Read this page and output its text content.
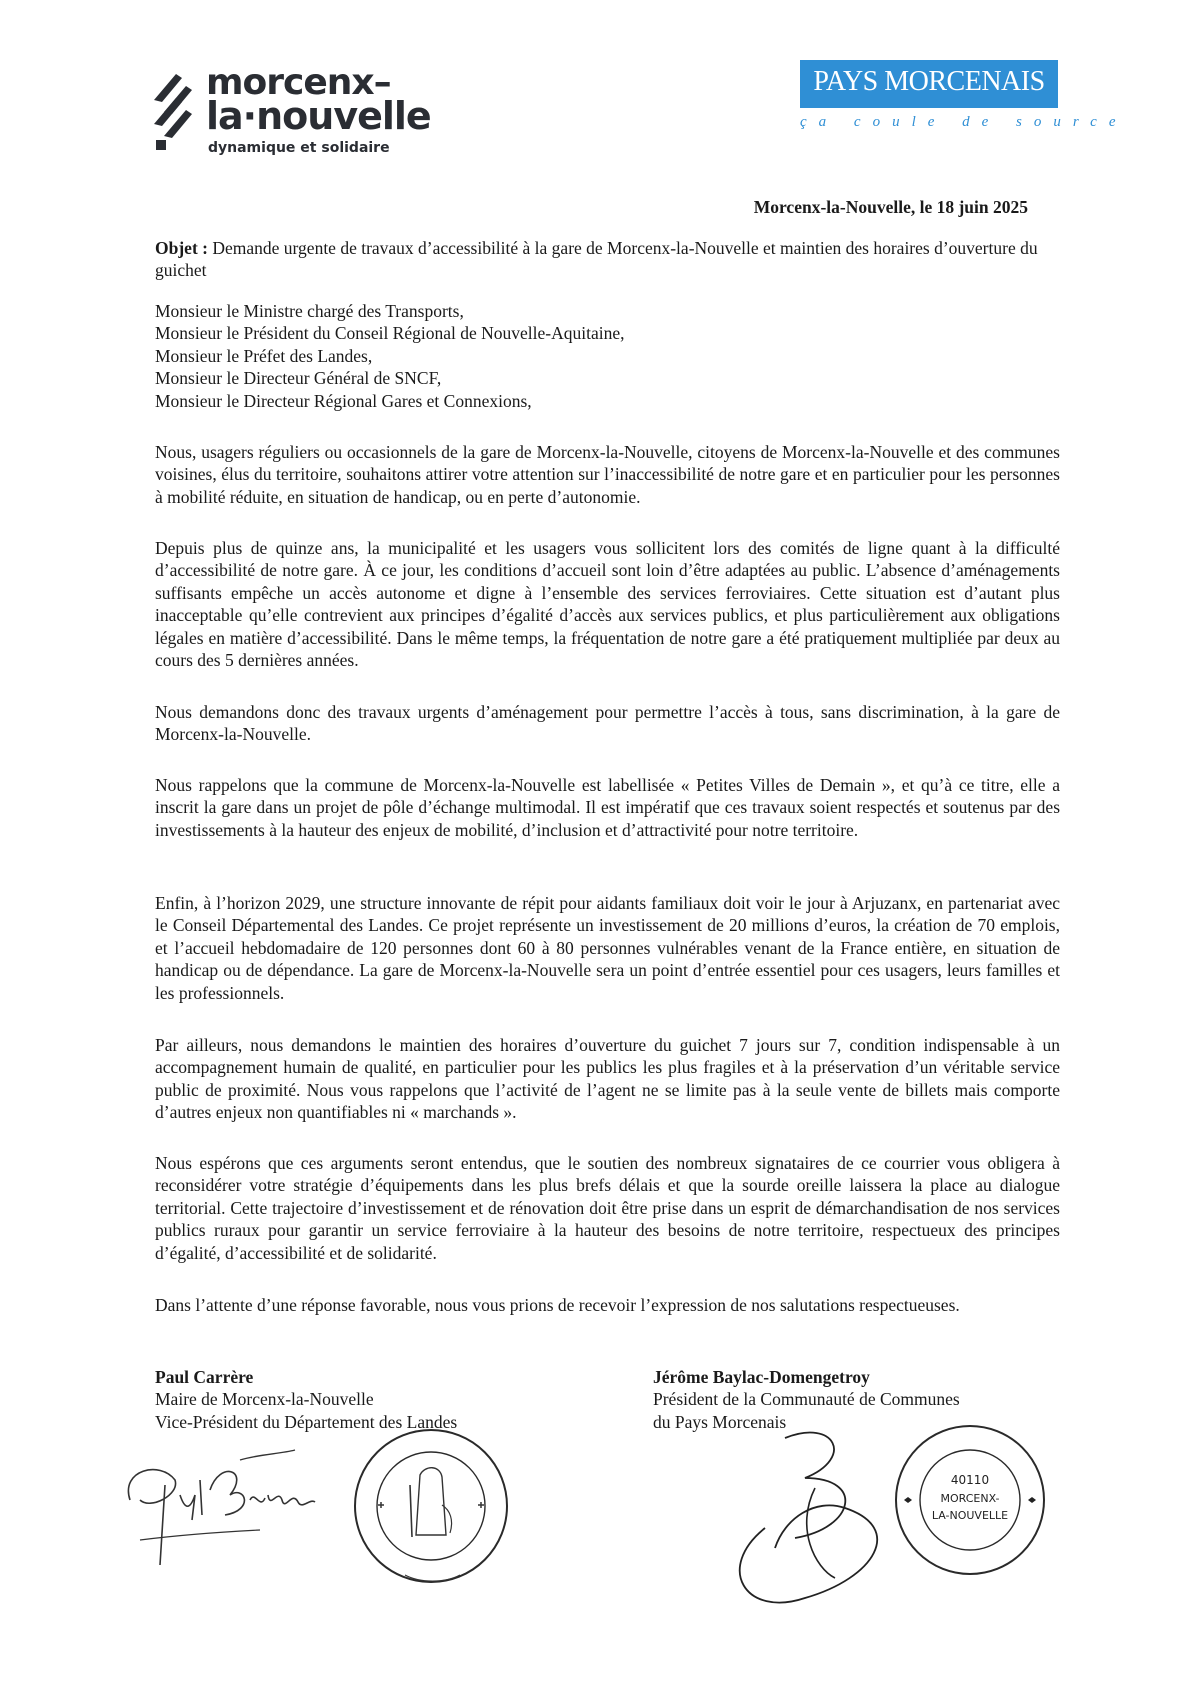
morcenx–
la·nouvelle
dynamique et solidaire
PAYS MORCENAIS
ça coule de source
Morcenx-la-Nouvelle, le 18 juin 2025
Objet : Demande urgente de travaux d’accessibilité à la gare de Morcenx-la-Nouvelle et maintien des horaires d’ouverture du guichet
Monsieur le Ministre chargé des Transports,
Monsieur le Président du Conseil Régional de Nouvelle-Aquitaine,
Monsieur le Préfet des Landes,
Monsieur le Directeur Général de SNCF,
Monsieur le Directeur Régional Gares et Connexions,
Nous, usagers réguliers ou occasionnels de la gare de Morcenx-la-Nouvelle, citoyens de Morcenx-la-Nouvelle et des communes voisines, élus du territoire, souhaitons attirer votre attention sur l’inaccessibilité de notre gare et en particulier pour les personnes à mobilité réduite, en situation de handicap, ou en perte d’autonomie.
Depuis plus de quinze ans, la municipalité et les usagers vous sollicitent lors des comités de ligne quant à la difficulté d’accessibilité de notre gare. À ce jour, les conditions d’accueil sont loin d’être adaptées au public. L’absence d’aménagements suffisants empêche un accès autonome et digne à l’ensemble des services ferroviaires. Cette situation est d’autant plus inacceptable qu’elle contrevient aux principes d’égalité d’accès aux services publics, et plus particulièrement aux obligations légales en matière d’accessibilité. Dans le même temps, la fréquentation de notre gare a été pratiquement multipliée par deux au cours des 5 dernières années.
Nous demandons donc des travaux urgents d’aménagement pour permettre l’accès à tous, sans discrimination, à la gare de Morcenx-la-Nouvelle.
Nous rappelons que la commune de Morcenx-la-Nouvelle est labellisée « Petites Villes de Demain », et qu’à ce titre, elle a inscrit la gare dans un projet de pôle d’échange multimodal. Il est impératif que ces travaux soient respectés et soutenus par des investissements à la hauteur des enjeux de mobilité, d’inclusion et d’attractivité pour notre territoire.
Enfin, à l’horizon 2029, une structure innovante de répit pour aidants familiaux doit voir le jour à Arjuzanx, en partenariat avec le Conseil Départemental des Landes. Ce projet représente un investissement de 20 millions d’euros, la création de 70 emplois, et l’accueil hebdomadaire de 120 personnes dont 60 à 80 personnes vulnérables venant de la France entière, en situation de handicap ou de dépendance. La gare de Morcenx-la-Nouvelle sera un point d’entrée essentiel pour ces usagers, leurs familles et les professionnels.
Par ailleurs, nous demandons le maintien des horaires d’ouverture du guichet 7 jours sur 7, condition indispensable à un accompagnement humain de qualité, en particulier pour les publics les plus fragiles et à la préservation d’un véritable service public de proximité. Nous vous rappelons que l’activité de l’agent ne se limite pas à la seule vente de billets mais comporte d’autres enjeux non quantifiables ni « marchands ».
Nous espérons que ces arguments seront entendus, que le soutien des nombreux signataires de ce courrier vous obligera à reconsidérer votre stratégie d’équipements dans les plus brefs délais et que la sourde oreille laissera la place au dialogue territorial. Cette trajectoire d’investissement et de rénovation doit être prise dans un esprit de démarchandisation de nos services publics ruraux pour garantir un service ferroviaire à la hauteur des besoins de notre territoire, respectueux des principes d’égalité, d’accessibilité et de solidarité.
Dans l’attente d’une réponse favorable, nous vous prions de recevoir l’expression de nos salutations respectueuses.
Paul Carrère
Maire de Morcenx-la-Nouvelle
Vice-Président du Département des Landes
Jérôme Baylac-Domengetroy
Président de la Communauté de Communes
du Pays Morcenais
40110
MORCENX-
LA-NOUVELLE
